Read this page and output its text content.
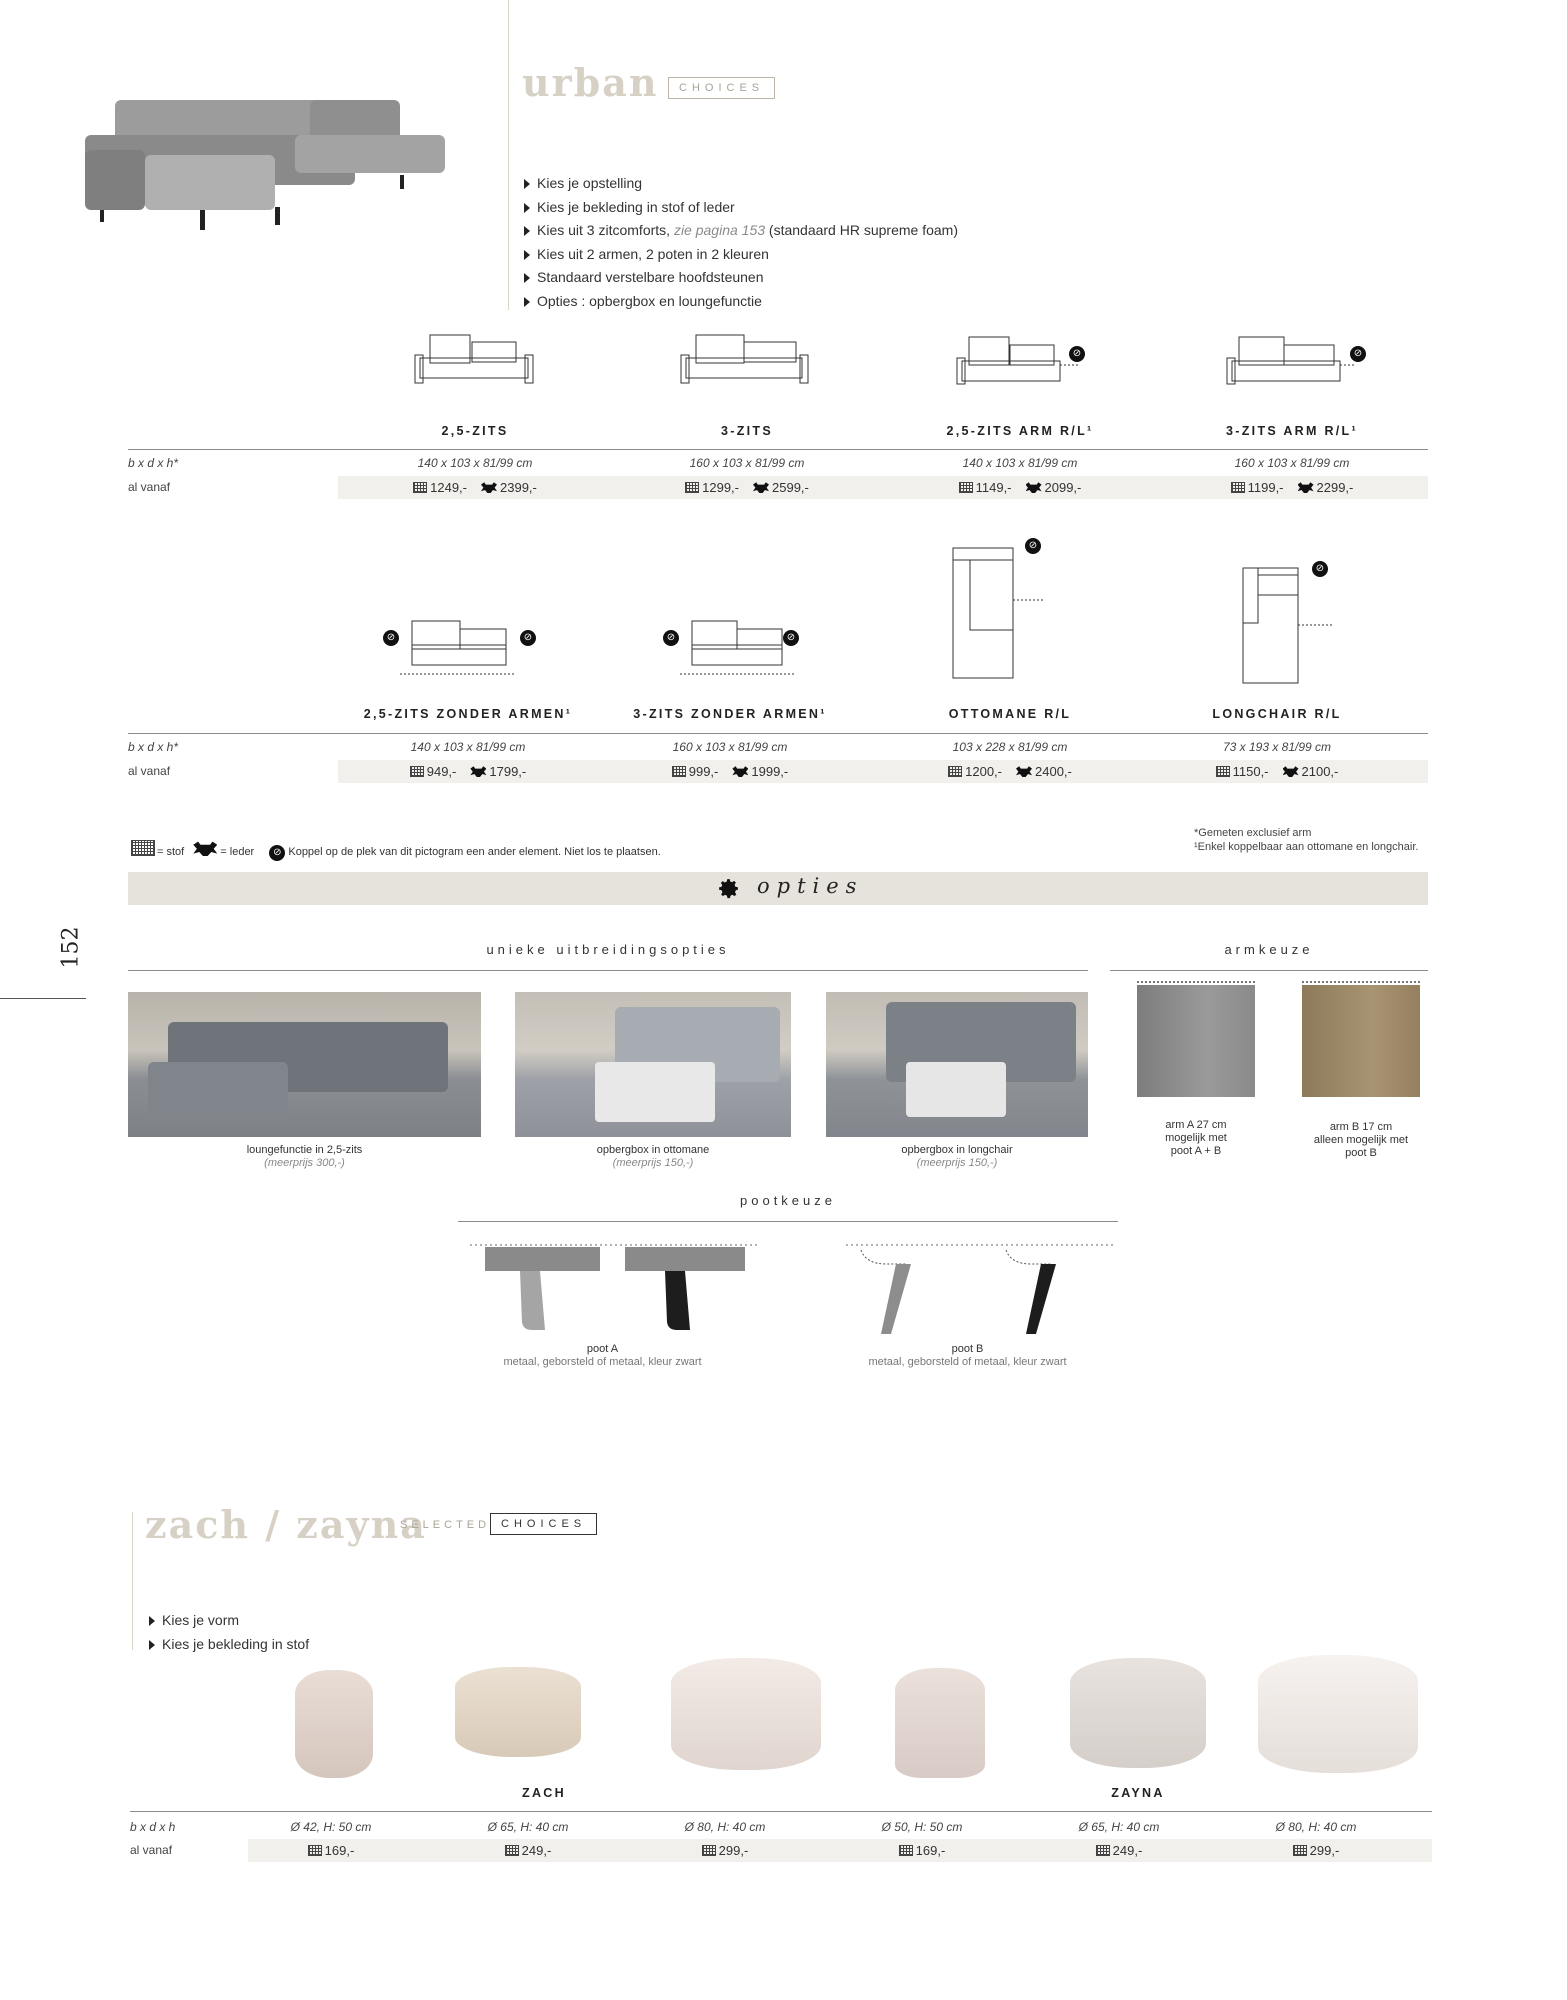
urban	CHOICES
Kies je opstelling
Kies je bekleding in stof of leder
Kies uit 3 zitcomforts, zie pagina 153 (standaard HR supreme foam)
Kies uit 2 armen, 2 poten in 2 kleuren
Standaard verstelbare hoofdsteunen
Opties : opbergbox en loungefunctie
⊘	⊘
2,5-ZITS	3-ZITS	2,5-ZITS ARM R/L¹	3-ZITS ARM R/L¹
b x d x h*	140 x 103 x 81/99 cm	160 x 103 x 81/99 cm	140 x 103 x 81/99 cm	160 x 103 x 81/99 cm
al vanaf	1249,-	2399,-	1299,-	2599,-	1149,-	2099,-	1199,-	2299,-
⊘	⊘	⊘	⊘
⊘
⊘
2,5-ZITS ZONDER ARMEN¹	3-ZITS ZONDER ARMEN¹	OTTOMANE R/L	LONGCHAIR R/L
b x d x h*	140 x 103 x 81/99 cm	160 x 103 x 81/99 cm	103 x 228 x 81/99 cm	73 x 193 x 81/99 cm
al vanaf	949,-	1799,-	999,-	1999,-	1200,-	2400,-	1150,-	2100,-
= stof	= leder ⊘ Koppel op de plek van dit pictogram een ander element. Niet los te plaatsen.
*Gemeten exclusief arm
¹Enkel koppelbaar aan ottomane en longchair.
opties
152	unieke uitbreidingsopties	armkeuze
loungefunctie in 2,5-zits
(meerprijs 300,-)
opbergbox in ottomane
(meerprijs 150,-)
opbergbox in longchair
(meerprijs 150,-)
arm A 27 cm
mogelijk met
poot A + B
arm B 17 cm
alleen mogelijk met
poot B
pootkeuze
poot A
metaal, geborsteld of metaal, kleur zwart
poot B
metaal, geborsteld of metaal, kleur zwart
zach / zayna
SELECTED CHOICES
Kies je vorm
Kies je bekleding in stof
ZACH	ZAYNA
b x d x h	Ø 42, H: 50 cm	Ø 65, H: 40 cm	Ø 80, H: 40 cm	Ø 50, H: 50 cm	Ø 65, H: 40 cm	Ø 80, H: 40 cm
al vanaf	169,-	249,-	299,-	169,-	249,-	299,-
